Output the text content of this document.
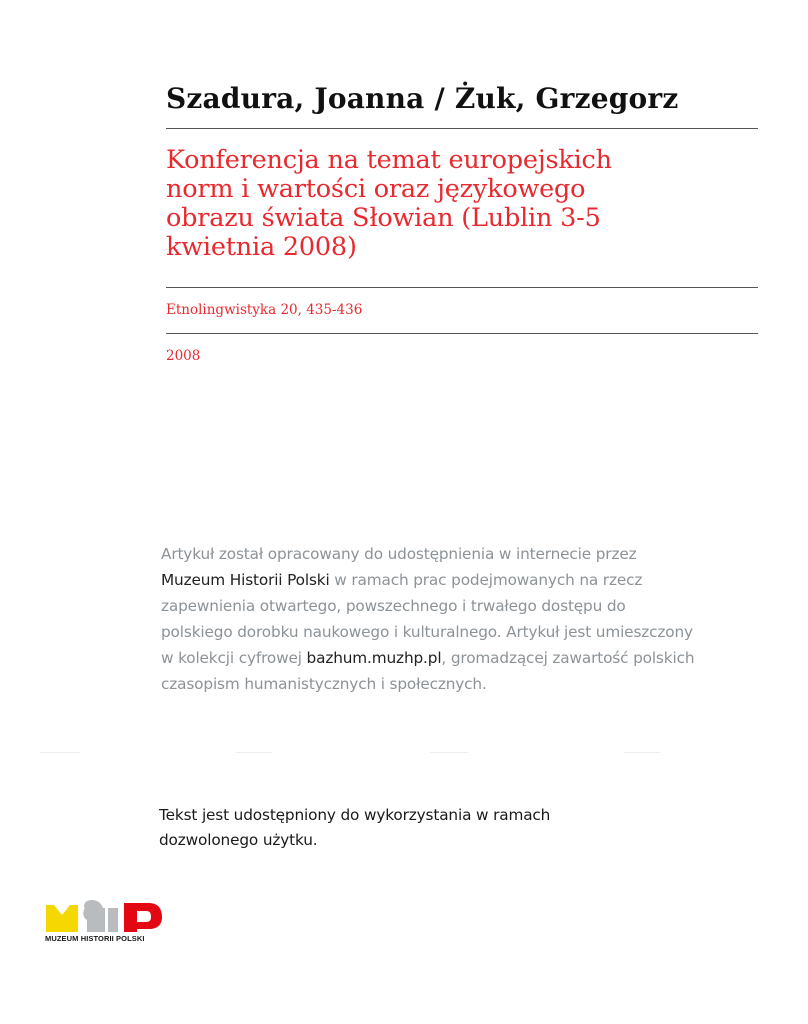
Szadura, Joanna / Żuk, Grzegorz
Konferencja na temat europejskich
norm i wartości oraz językowego
obrazu świata Słowian (Lublin 3-5
kwietnia 2008)
Etnolingwistyka 20, 435-436
2008
Artykuł został opracowany do udostępnienia w internecie przez
Muzeum Historii Polski w ramach prac podejmowanych na rzecz
zapewnienia otwartego, powszechnego i trwałego dostępu do
polskiego dorobku naukowego i kulturalnego. Artykuł jest umieszczony
w kolekcji cyfrowej bazhum.muzhp.pl, gromadzącej zawartość polskich
czasopism humanistycznych i społecznych.
Tekst jest udostępniony do wykorzystania w ramach
dozwolonego użytku.
MUZEUM HISTORII POLSKI
